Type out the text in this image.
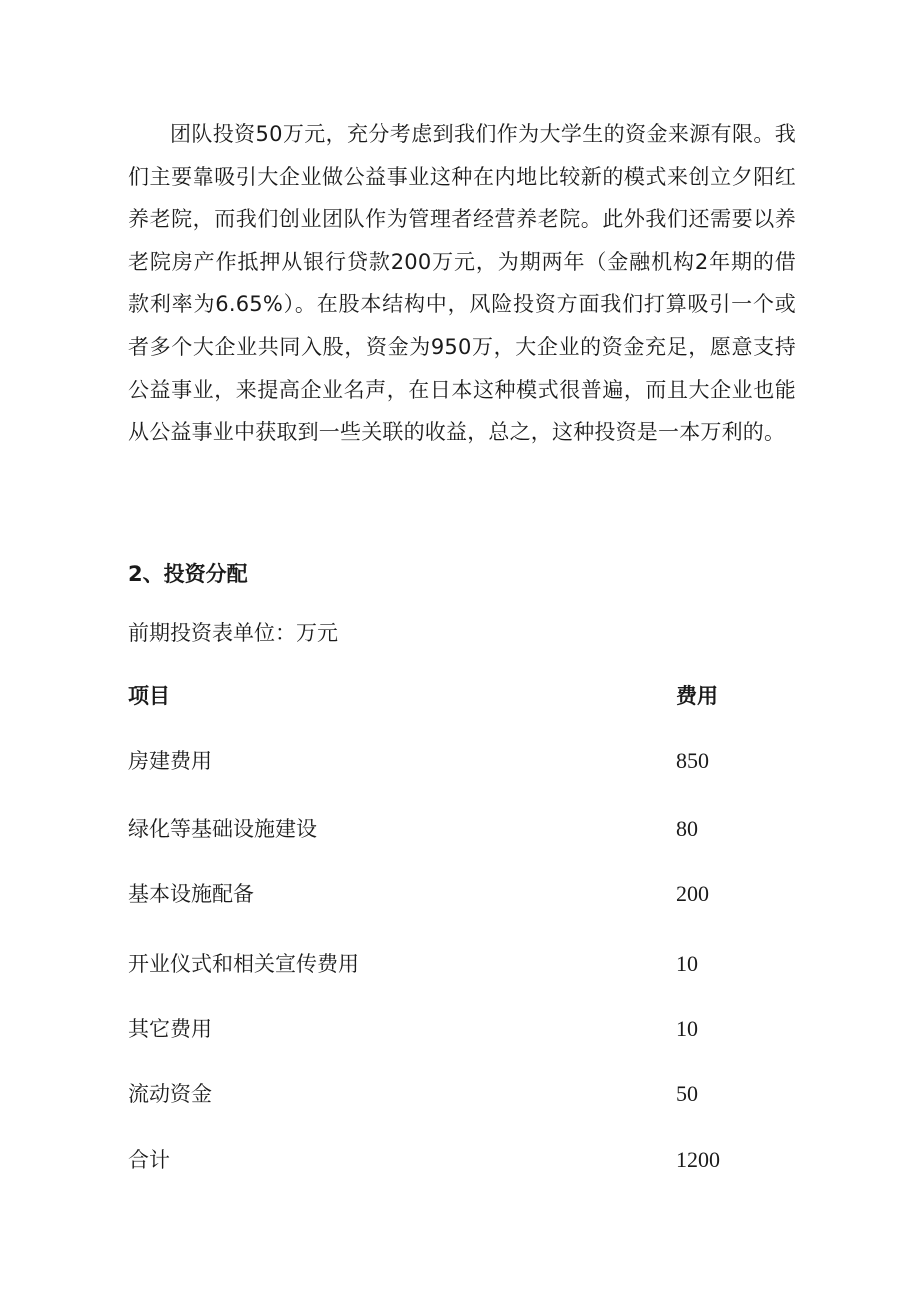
团队投资50万元，充分考虑到我们作为大学生的资金来源有限。我们主要靠吸引大企业做公益事业这种在内地比较新的模式来创立夕阳红养老院，而我们创业团队作为管理者经营养老院。此外我们还需要以养老院房产作抵押从银行贷款200万元，为期两年（金融机构2年期的借款利率为6.65%）。在股本结构中，风险投资方面我们打算吸引一个或者多个大企业共同入股，资金为950万，大企业的资金充足，愿意支持公益事业，来提高企业名声，在日本这种模式很普遍，而且大企业也能从公益事业中获取到一些关联的收益，总之，这种投资是一本万利的。

2、投资分配

前期投资表单位：万元

项目	费用
房建费用	850
绿化等基础设施建设	80
基本设施配备	200
开业仪式和相关宣传费用	10
其它费用	10
流动资金	50
合计	1200
